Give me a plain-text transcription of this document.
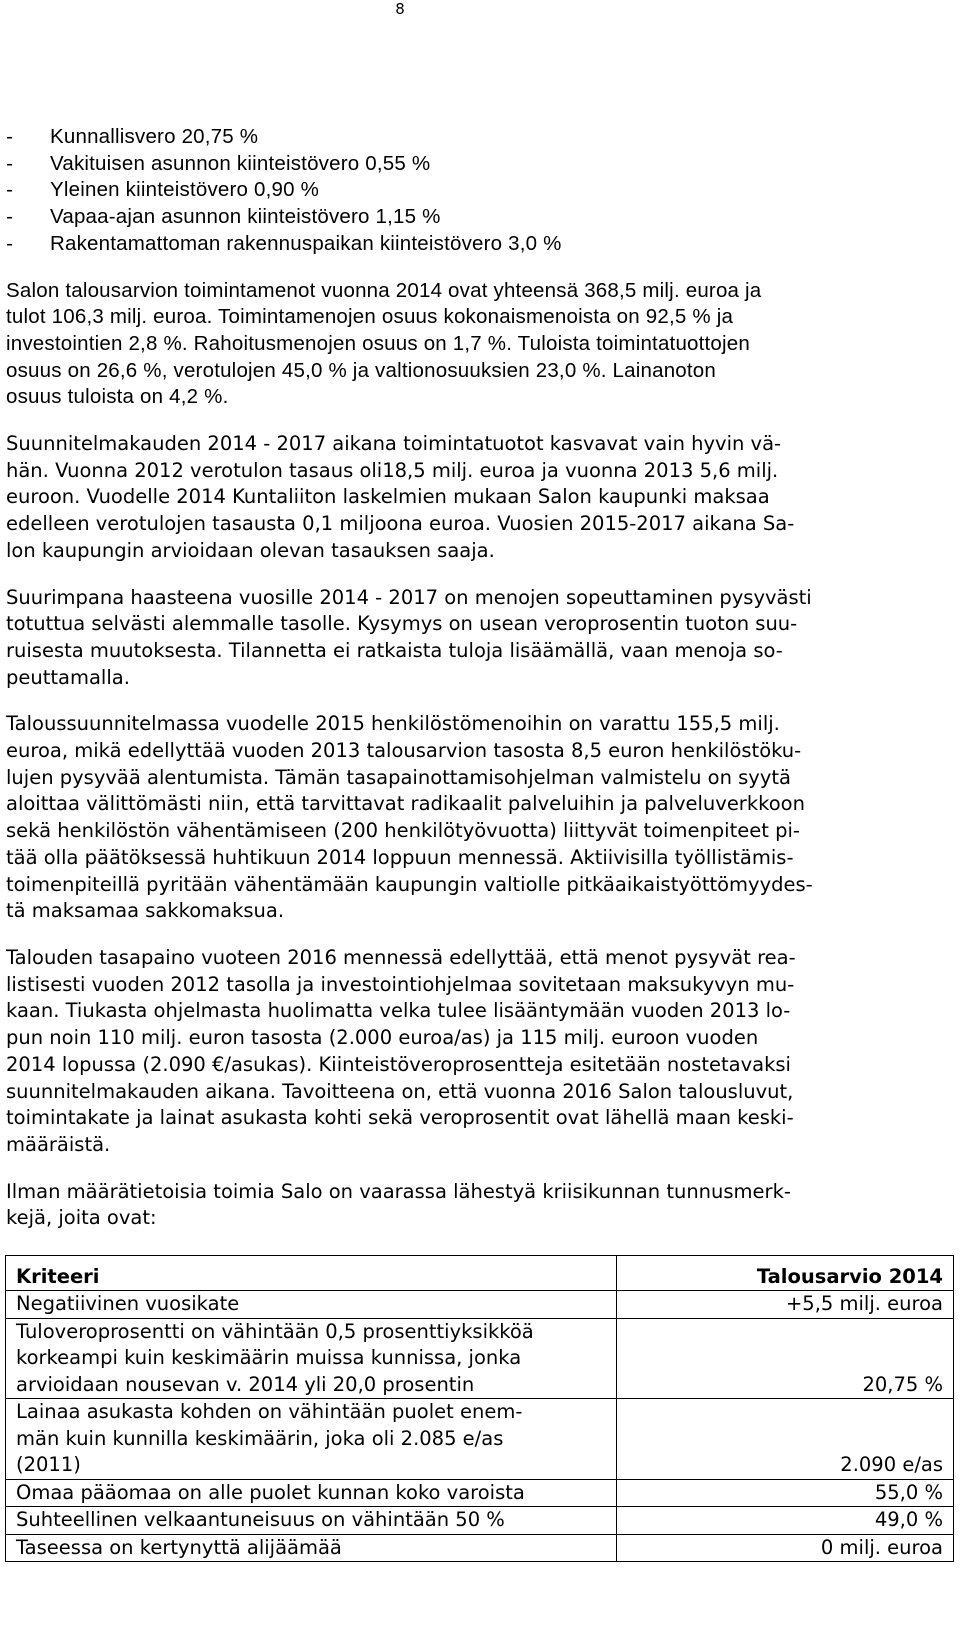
8
-	Kunnallisvero 20,75 %
-	Vakituisen asunnon kiinteistövero 0,55 %
-	Yleinen kiinteistövero 0,90 %
-	Vapaa-ajan asunnon kiinteistövero 1,15 %
-	Rakentamattoman rakennuspaikan kiinteistövero 3,0 %

Salon talousarvion toimintamenot vuonna 2014 ovat yhteensä 368,5 milj. euroa ja
tulot 106,3 milj. euroa. Toimintamenojen osuus kokonaismenoista on 92,5 % ja
investointien 2,8 %. Rahoitusmenojen osuus on 1,7 %. Tuloista toimintatuottojen
osuus on 26,6 %, verotulojen 45,0 % ja valtionosuuksien 23,0 %. Lainanoton
osuus tuloista on 4,2 %.

Suunnitelmakauden 2014 - 2017 aikana toimintatuotot kasvavat vain hyvin vä-
hän. Vuonna 2012 verotulon tasaus oli18,5 milj. euroa ja vuonna 2013 5,6 milj.
euroon. Vuodelle 2014 Kuntaliiton laskelmien mukaan Salon kaupunki maksaa
edelleen verotulojen tasausta 0,1 miljoona euroa. Vuosien 2015-2017 aikana Sa-
lon kaupungin arvioidaan olevan tasauksen saaja.

Suurimpana haasteena vuosille 2014 - 2017 on menojen sopeuttaminen pysyvästi
totuttua selvästi alemmalle tasolle. Kysymys on usean veroprosentin tuoton suu-
ruisesta muutoksesta. Tilannetta ei ratkaista tuloja lisäämällä, vaan menoja so-
peuttamalla.

Taloussuunnitelmassa vuodelle 2015 henkilöstömenoihin on varattu 155,5 milj.
euroa, mikä edellyttää vuoden 2013 talousarvion tasosta 8,5 euron henkilöstöku-
lujen pysyvää alentumista. Tämän tasapainottamisohjelman valmistelu on syytä
aloittaa välittömästi niin, että tarvittavat radikaalit palveluihin ja palveluverkkoon
sekä henkilöstön vähentämiseen (200 henkilötyövuotta) liittyvät toimenpiteet pi-
tää olla päätöksessä huhtikuun 2014 loppuun mennessä. Aktiivisilla työllistämis-
toimenpiteillä pyritään vähentämään kaupungin valtiolle pitkäaikaistyöttömyydes-
tä maksamaa sakkomaksua.

Talouden tasapaino vuoteen 2016 mennessä edellyttää, että menot pysyvät rea-
listisesti vuoden 2012 tasolla ja investointiohjelmaa sovitetaan maksukyvyn mu-
kaan. Tiukasta ohjelmasta huolimatta velka tulee lisääntymään vuoden 2013 lo-
pun noin 110 milj. euron tasosta (2.000 euroa/as) ja 115 milj. euroon vuoden
2014 lopussa (2.090 €/asukas). Kiinteistöveroprosentteja esitetään nostetavaksi
suunnitelmakauden aikana. Tavoitteena on, että vuonna 2016 Salon talousluvut,
toimintakate ja lainat asukasta kohti sekä veroprosentit ovat lähellä maan keski-
määräistä.

Ilman määrätietoisia toimia Salo on vaarassa lähestyä kriisikunnan tunnusmerk-
kejä, joita ovat:

Kriteeri	Talousarvio 2014
Negatiivinen vuosikate	+5,5 milj. euroa
Tuloveroprosentti on vähintään 0,5 prosenttiyksikköä
korkeampi kuin keskimäärin muissa kunnissa, jonka
arvioidaan nousevan v. 2014 yli 20,0 prosentin	20,75 %
Lainaa asukasta kohden on vähintään puolet enem-
män kuin kunnilla keskimäärin, joka oli 2.085 e/as
(2011)	2.090 e/as
Omaa pääomaa on alle puolet kunnan koko varoista	55,0 %
Suhteellinen velkaantuneisuus on vähintään 50 %	49,0 %
Taseessa on kertynyttä alijäämää	0 milj. euroa
